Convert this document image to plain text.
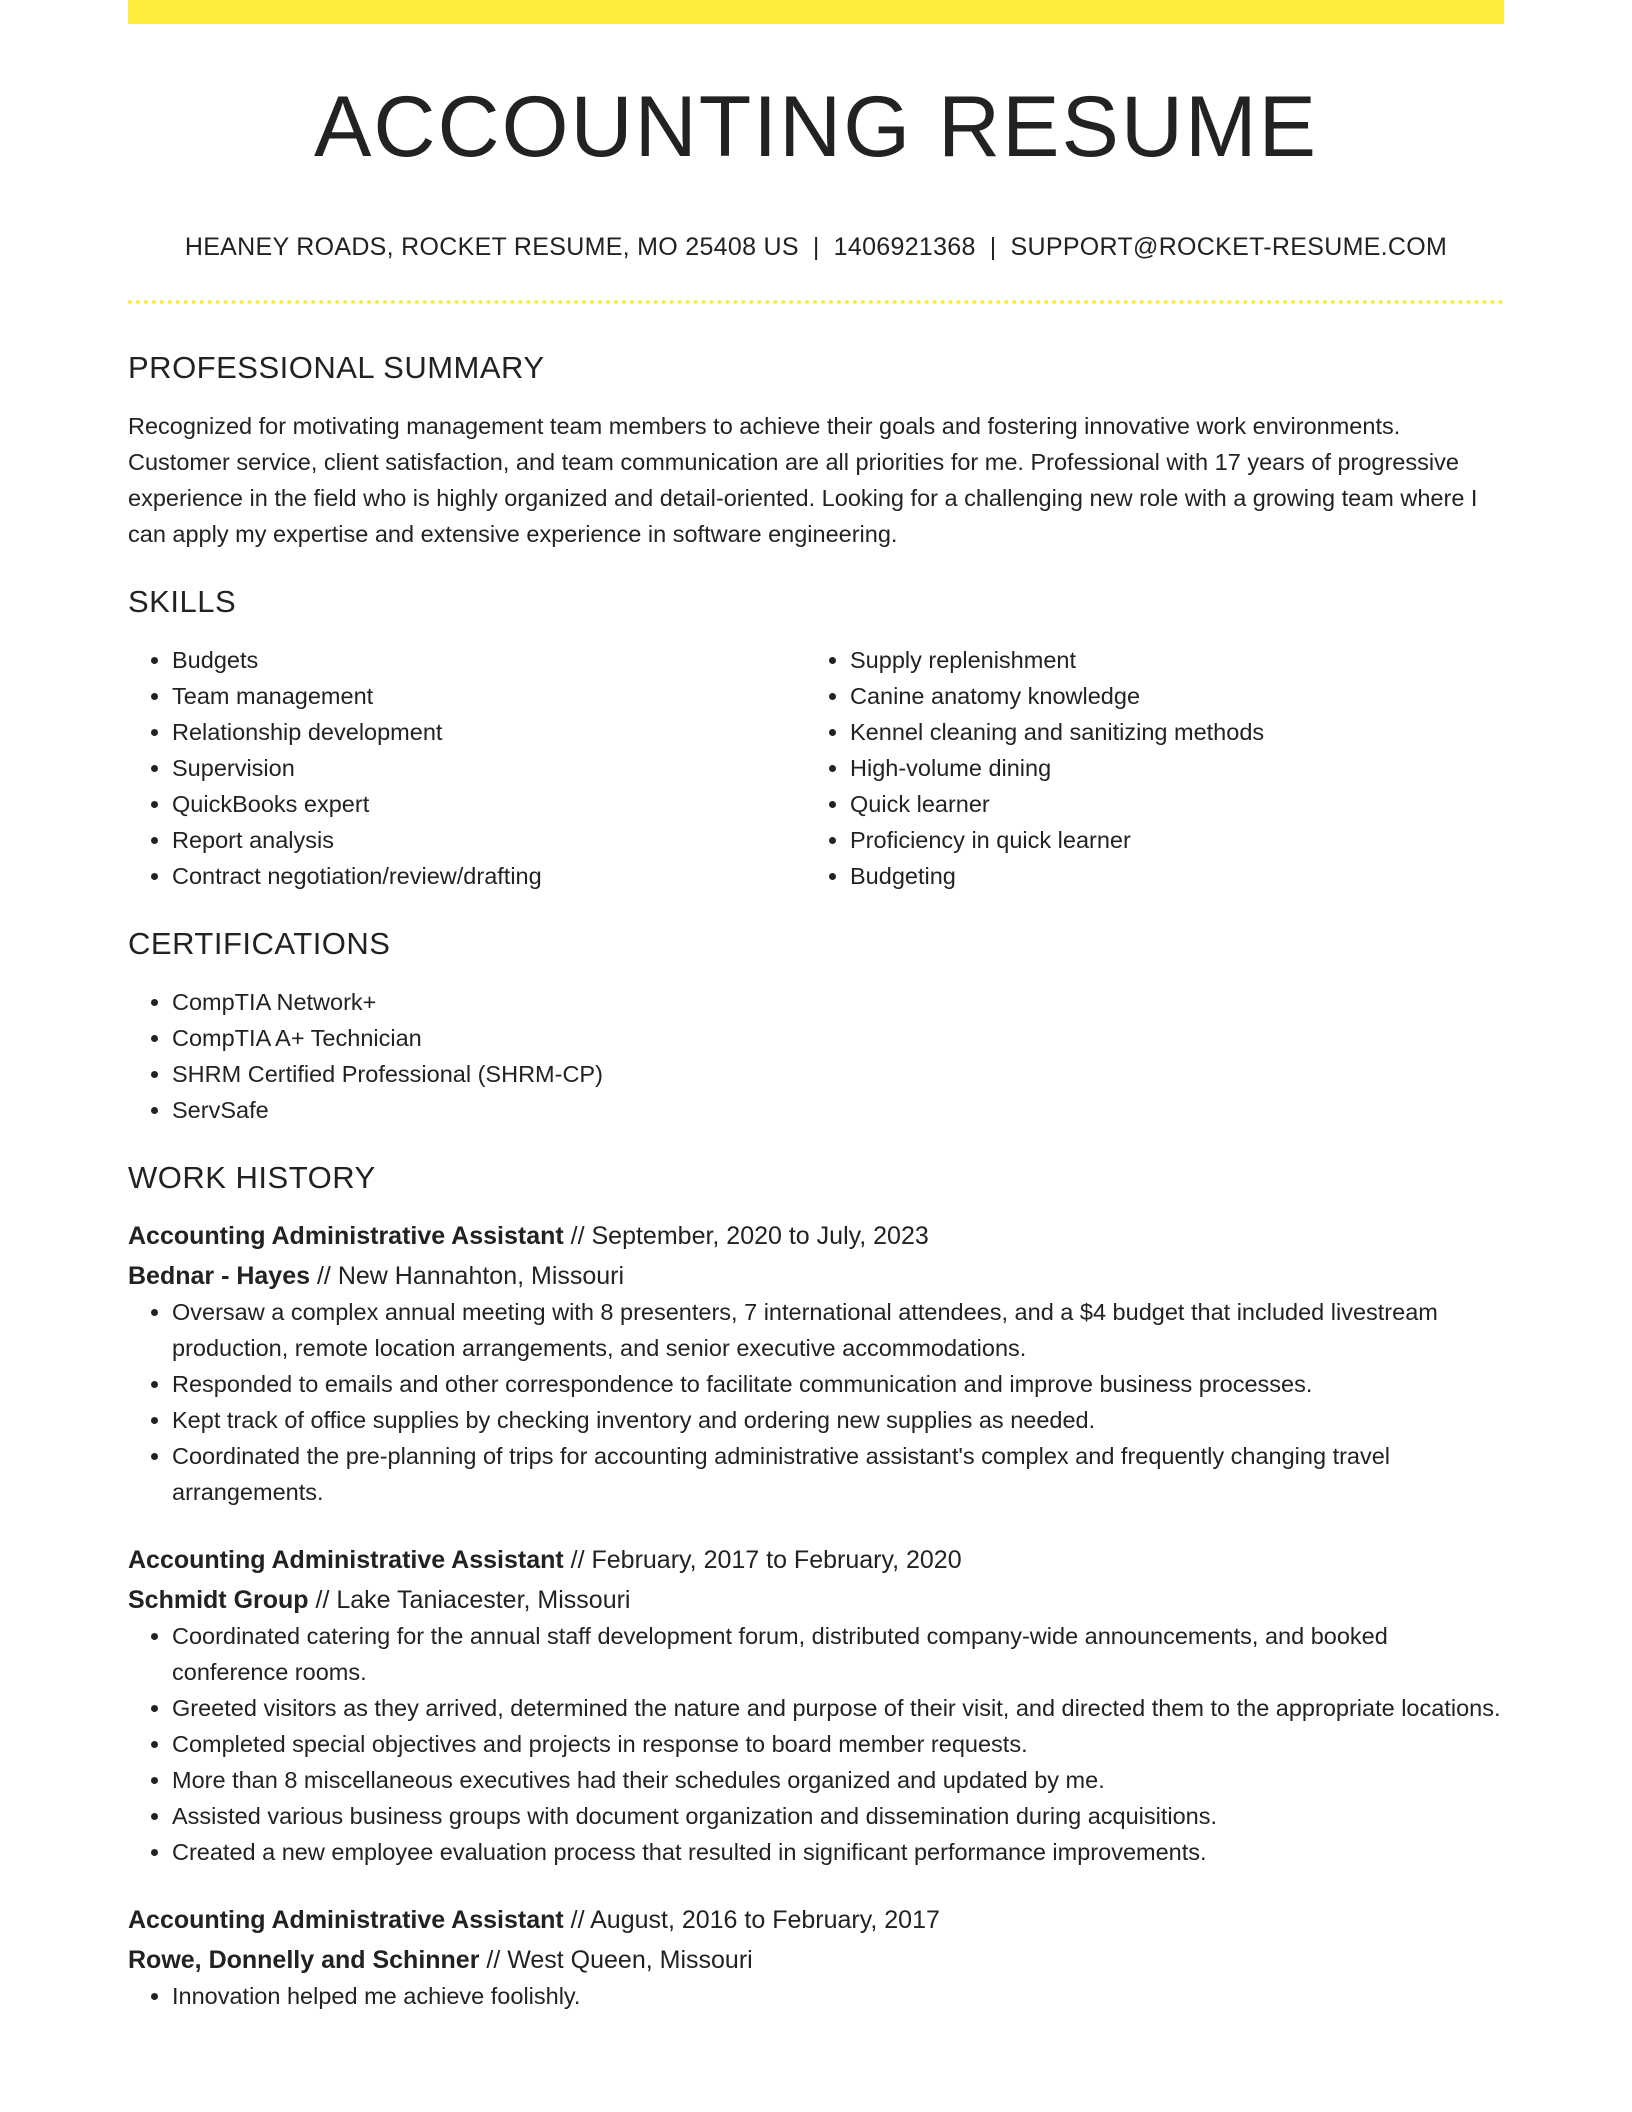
ACCOUNTING RESUME
HEANEY ROADS, ROCKET RESUME, MO 25408 US | 1406921368 | SUPPORT@ROCKET-RESUME.COM
PROFESSIONAL SUMMARY

Recognized for motivating management team members to achieve their goals and fostering innovative work environments. Customer service, client satisfaction, and team communication are all priorities for me. Professional with 17 years of progressive experience in the field who is highly organized and detail-oriented. Looking for a challenging new role with a growing team where I can apply my expertise and extensive experience in software engineering.

SKILLS
• Budgets
• Team management
• Relationship development
• Supervision
• QuickBooks expert
• Report analysis
• Contract negotiation/review/drafting
• Supply replenishment
• Canine anatomy knowledge
• Kennel cleaning and sanitizing methods
• High-volume dining
• Quick learner
• Proficiency in quick learner
• Budgeting
CERTIFICATIONS
• CompTIA Network+
• CompTIA A+ Technician
• SHRM Certified Professional (SHRM-CP)
• ServSafe
WORK HISTORY
Accounting Administrative Assistant // September, 2020 to July, 2023
Bednar - Hayes // New Hannahton, Missouri
• Oversaw a complex annual meeting with 8 presenters, 7 international attendees, and a $4 budget that included livestream production, remote location arrangements, and senior executive accommodations.
• Responded to emails and other correspondence to facilitate communication and improve business processes.
• Kept track of office supplies by checking inventory and ordering new supplies as needed.
• Coordinated the pre-planning of trips for accounting administrative assistant's complex and frequently changing travel arrangements.
Accounting Administrative Assistant // February, 2017 to February, 2020
Schmidt Group // Lake Taniacester, Missouri
• Coordinated catering for the annual staff development forum, distributed company-wide announcements, and booked conference rooms.
• Greeted visitors as they arrived, determined the nature and purpose of their visit, and directed them to the appropriate locations.
• Completed special objectives and projects in response to board member requests.
• More than 8 miscellaneous executives had their schedules organized and updated by me.
• Assisted various business groups with document organization and dissemination during acquisitions.
• Created a new employee evaluation process that resulted in significant performance improvements.
Accounting Administrative Assistant // August, 2016 to February, 2017
Rowe, Donnelly and Schinner // West Queen, Missouri
• Innovation helped me achieve foolishly.
